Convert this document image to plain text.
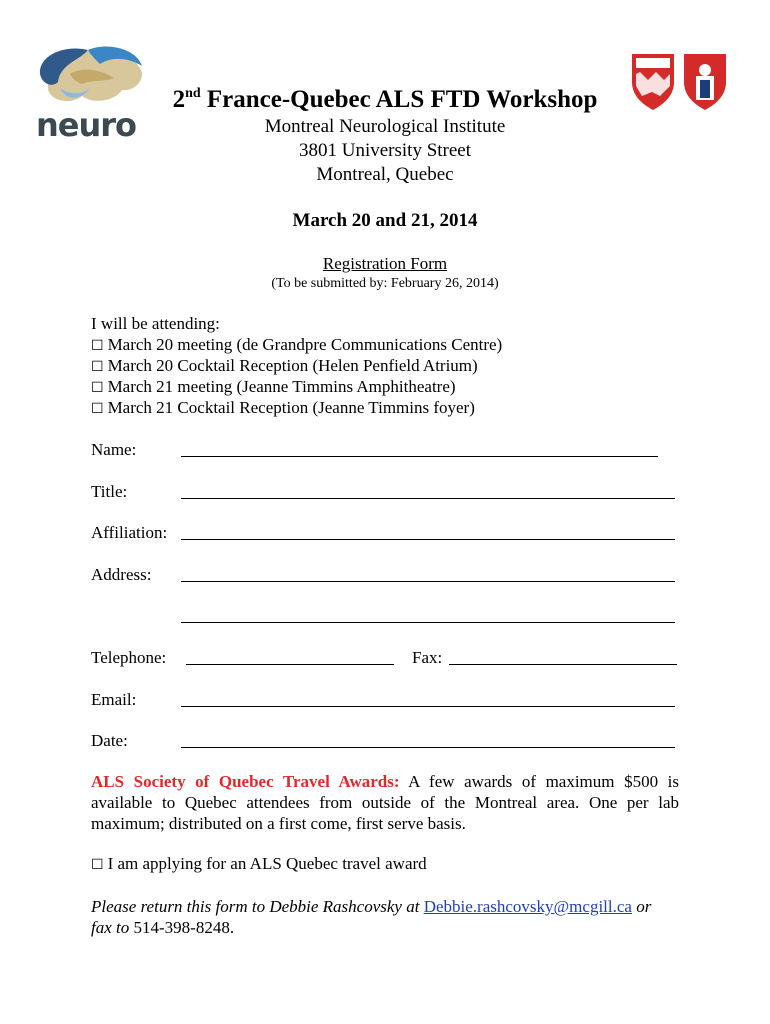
neuro
2nd France-Quebec ALS FTD Workshop
Montreal Neurological Institute
3801 University Street
Montreal, Quebec
March 20 and 21, 2014
Registration Form
(To be submitted by: February 26, 2014)
I will be attending:
☐ March 20 meeting (de Grandpre Communications Centre)
☐ March 20 Cocktail Reception (Helen Penfield Atrium)
☐ March 21 meeting (Jeanne Timmins Amphitheatre)
☐ March 21 Cocktail Reception (Jeanne Timmins foyer)
Name:
Title:
Affiliation:
Address:
Telephone:	Fax:
Email:
Date:
ALS Society of Quebec Travel Awards: A few awards of maximum $500 is available to Quebec attendees from outside of the Montreal area. One per lab maximum; distributed on a first come, first serve basis.
☐ I am applying for an ALS Quebec travel award
Please return this form to Debbie Rashcovsky at Debbie.rashcovsky@mcgill.ca or
fax to 514-398-8248.
